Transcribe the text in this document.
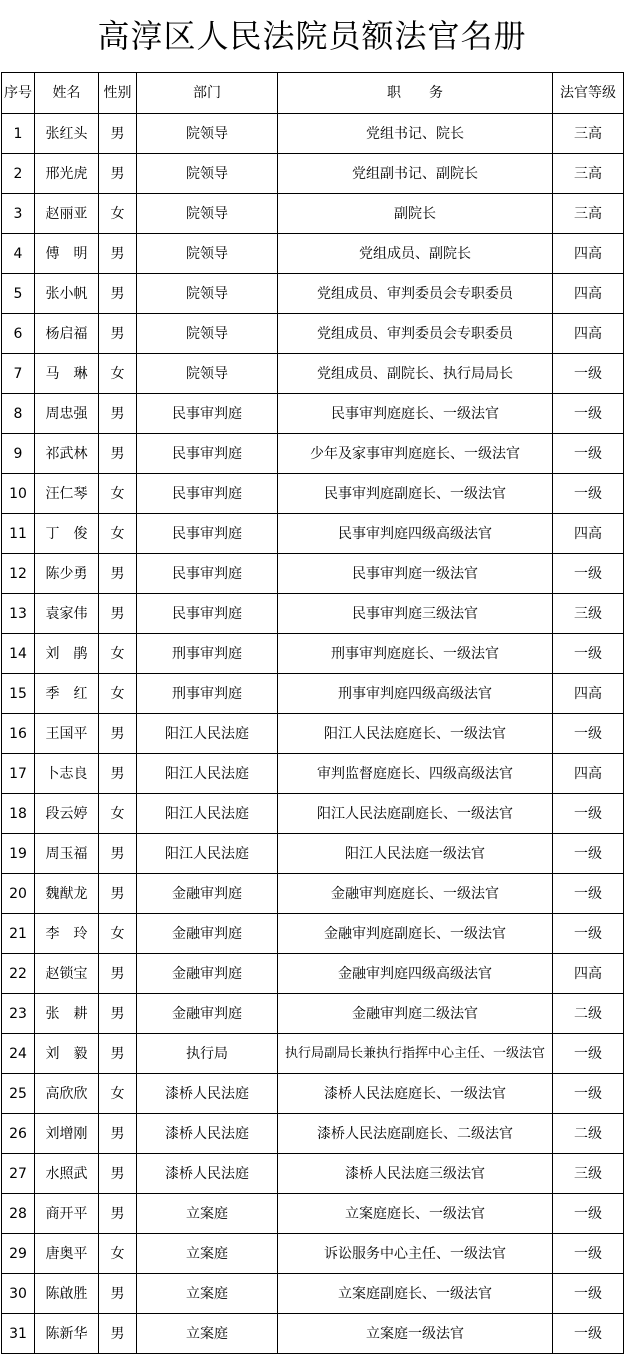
高淳区人民法院员额法官名册
序号	姓名	性别	部门	职　　务	法官等级
1	张红头	男	院领导	党组书记、院长	三高
2	邢光虎	男	院领导	党组副书记、副院长	三高
3	赵丽亚	女	院领导	副院长	三高
4	傅　明	男	院领导	党组成员、副院长	四高
5	张小帆	男	院领导	党组成员、审判委员会专职委员	四高
6	杨启福	男	院领导	党组成员、审判委员会专职委员	四高
7	马　琳	女	院领导	党组成员、副院长、执行局局长	一级
8	周忠强	男	民事审判庭	民事审判庭庭长、一级法官	一级
9	祁武林	男	民事审判庭	少年及家事审判庭庭长、一级法官	一级
10	汪仁琴	女	民事审判庭	民事审判庭副庭长、一级法官	一级
11	丁　俊	女	民事审判庭	民事审判庭四级高级法官	四高
12	陈少勇	男	民事审判庭	民事审判庭一级法官	一级
13	袁家伟	男	民事审判庭	民事审判庭三级法官	三级
14	刘　鹃	女	刑事审判庭	刑事审判庭庭长、一级法官	一级
15	季　红	女	刑事审判庭	刑事审判庭四级高级法官	四高
16	王国平	男	阳江人民法庭	阳江人民法庭庭长、一级法官	一级
17	卜志良	男	阳江人民法庭	审判监督庭庭长、四级高级法官	四高
18	段云婷	女	阳江人民法庭	阳江人民法庭副庭长、一级法官	一级
19	周玉福	男	阳江人民法庭	阳江人民法庭一级法官	一级
20	魏猷龙	男	金融审判庭	金融审判庭庭长、一级法官	一级
21	李　玲	女	金融审判庭	金融审判庭副庭长、一级法官	一级
22	赵锁宝	男	金融审判庭	金融审判庭四级高级法官	四高
23	张　耕	男	金融审判庭	金融审判庭二级法官	二级
24	刘　毅	男	执行局	执行局副局长兼执行指挥中心主任、一级法官	一级
25	高欣欣	女	漆桥人民法庭	漆桥人民法庭庭长、一级法官	一级
26	刘增刚	男	漆桥人民法庭	漆桥人民法庭副庭长、二级法官	二级
27	水照武	男	漆桥人民法庭	漆桥人民法庭三级法官	三级
28	商开平	男	立案庭	立案庭庭长、一级法官	一级
29	唐奥平	女	立案庭	诉讼服务中心主任、一级法官	一级
30	陈啟胜	男	立案庭	立案庭副庭长、一级法官	一级
31	陈新华	男	立案庭	立案庭一级法官	一级
